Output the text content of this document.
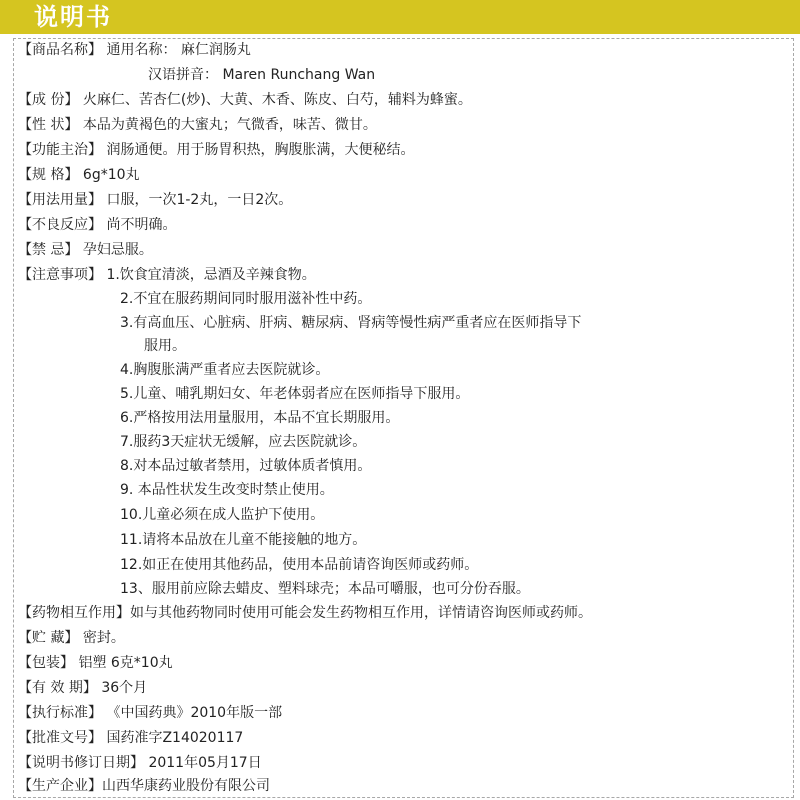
说明书
【商品名称】 通用名称： 麻仁润肠丸
汉语拼音： Maren Runchang Wan
【成 份】 火麻仁、苦杏仁(炒)、大黄、木香、陈皮、白芍，辅料为蜂蜜。
【性 状】 本品为黄褐色的大蜜丸；气微香，味苦、微甘。
【功能主治】 润肠通便。用于肠胃积热，胸腹胀满，大便秘结。
【规 格】 6g*10丸
【用法用量】 口服，一次1-2丸，一日2次。
【不良反应】 尚不明确。
【禁 忌】 孕妇忌服。
【注意事项】 1.饮食宜清淡，忌酒及辛辣食物。
2.不宜在服药期间同时服用滋补性中药。
3.有高血压、心脏病、肝病、糖尿病、肾病等慢性病严重者应在医师指导下
服用。
4.胸腹胀满严重者应去医院就诊。
5.儿童、哺乳期妇女、年老体弱者应在医师指导下服用。
6.严格按用法用量服用，本品不宜长期服用。
7.服药3天症状无缓解，应去医院就诊。
8.对本品过敏者禁用，过敏体质者慎用。
9. 本品性状发生改变时禁止使用。
10.儿童必须在成人监护下使用。
11.请将本品放在儿童不能接触的地方。
12.如正在使用其他药品，使用本品前请咨询医师或药师。
13、服用前应除去蜡皮、塑料球壳；本品可嚼服，也可分份吞服。
【药物相互作用】如与其他药物同时使用可能会发生药物相互作用，详情请咨询医师或药师。
【贮 藏】 密封。
【包装】 铝塑 6克*10丸
【有 效 期】 36个月
【执行标准】 《中国药典》2010年版一部
【批准文号】 国药准字Z14020117
【说明书修订日期】 2011年05月17日
【生产企业】山西华康药业股份有限公司
